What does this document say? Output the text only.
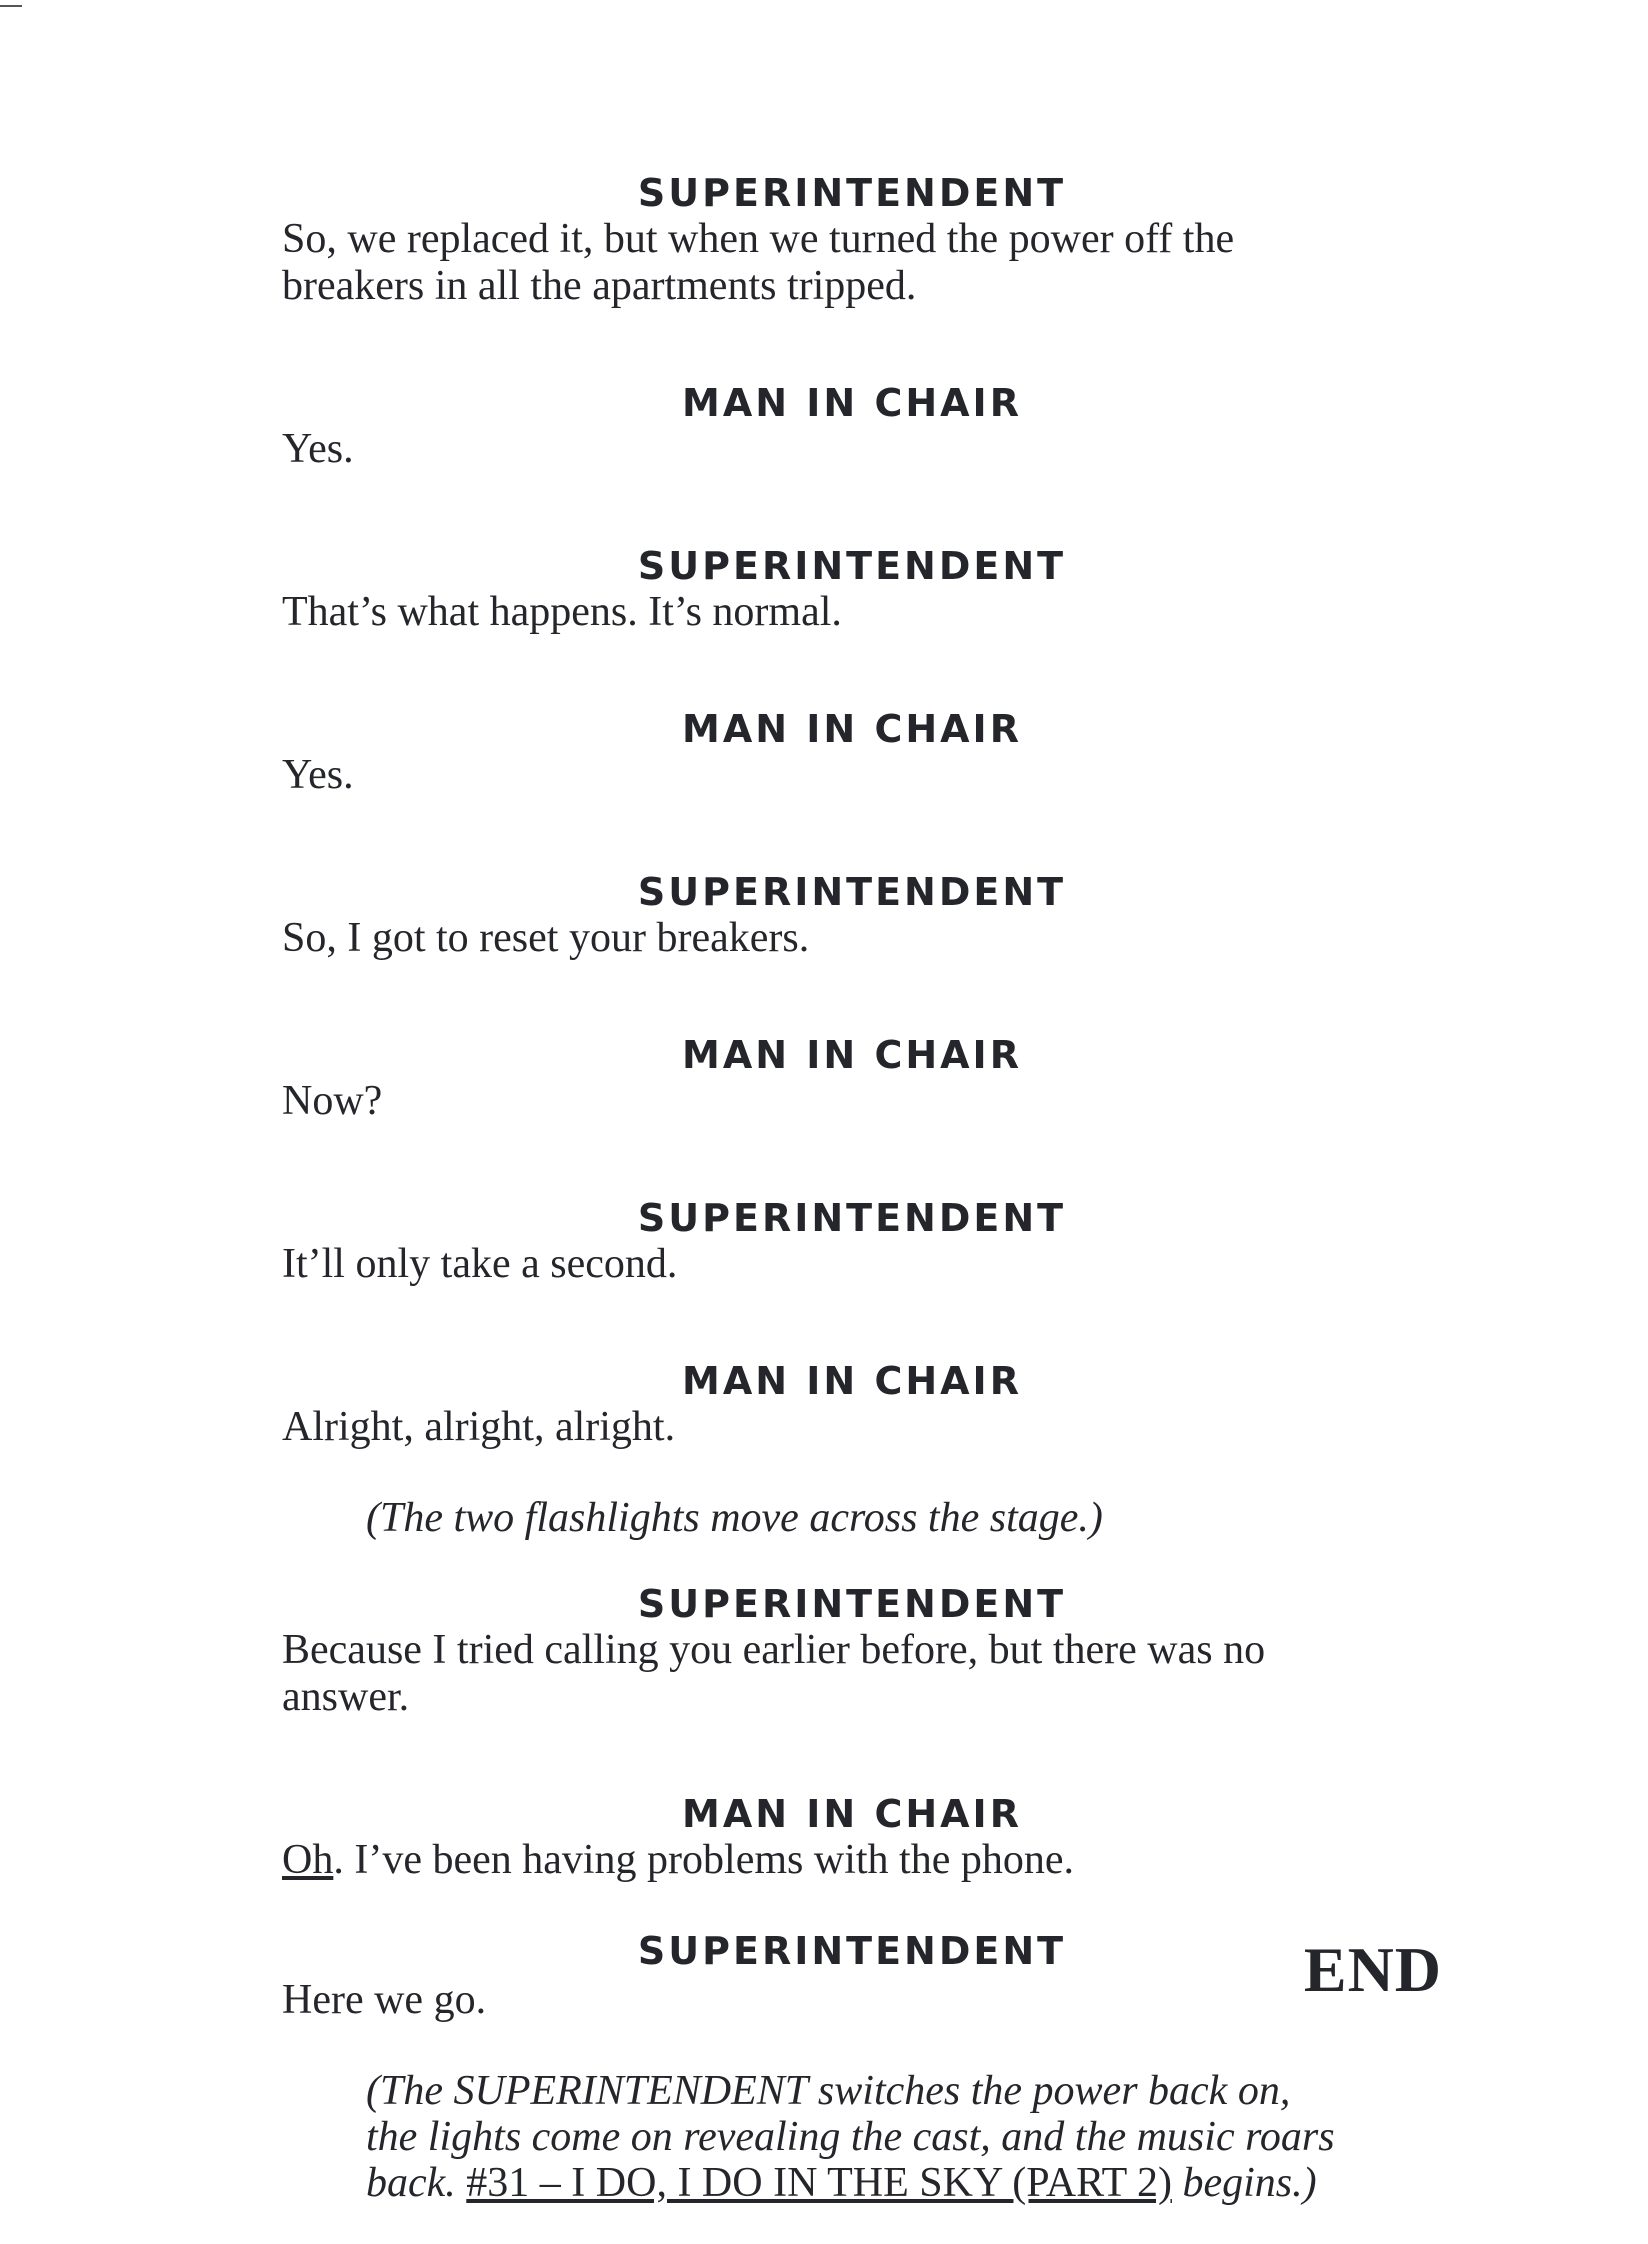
SUPERINTENDENT

So, we replaced it, but when we turned the power off the

breakers in all the apartments tripped.

MAN IN CHAIR

Yes.

SUPERINTENDENT

That’s what happens. It’s normal.

MAN IN CHAIR

Yes.

SUPERINTENDENT

So, I got to reset your breakers.

MAN IN CHAIR

Now?

SUPERINTENDENT

It’ll only take a second.

MAN IN CHAIR

Alright, alright, alright.

(The two flashlights move across the stage.)

SUPERINTENDENT

Because I tried calling you earlier before, but there was no

answer.

MAN IN CHAIR

Oh. I’ve been having problems with the phone.

SUPERINTENDENT

Here we go.	END

(The SUPERINTENDENT switches the power back on,

the lights come on revealing the cast, and the music roars

back. #31 – I DO, I DO IN THE SKY (PART 2) begins.)
